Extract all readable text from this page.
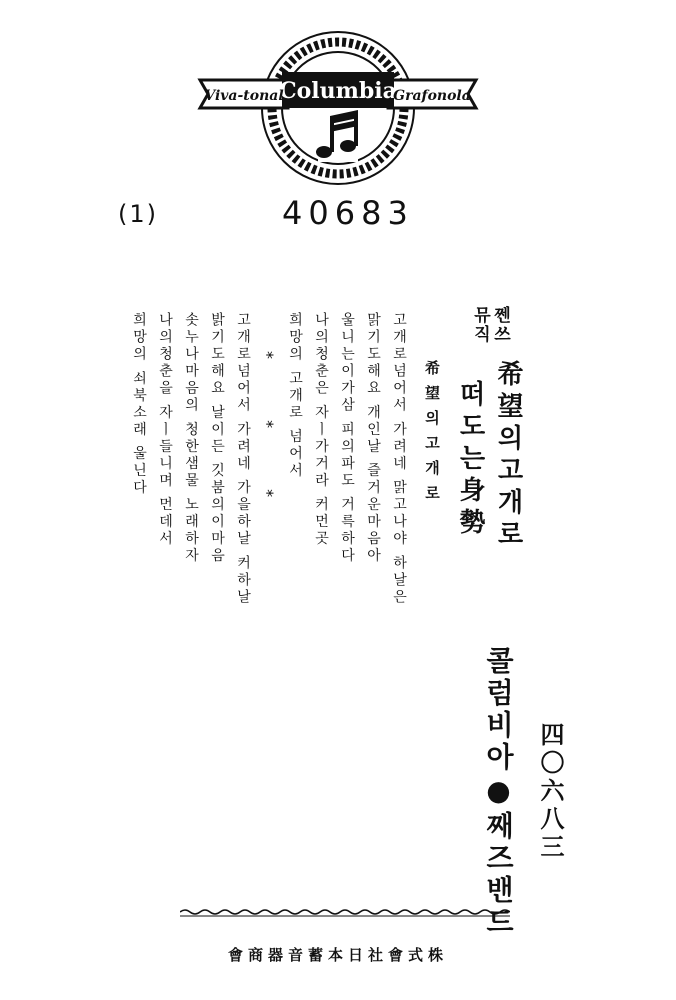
Columbia
Viva-tonal	Grafonola
(1)	40683
쩬쓰뮤직
希望의고개로
떠도는身勢
希望의고개로
고개로넘어서 가려네 맑고나야 하날은
맑기도해요 개인날 즐거운마음아
울니는이가삼 피의파도 거륵하다
나의청춘은 자ㅣ가거라 커먼곳
희망의 고개로 넘어서
* * *
고개로넘어서 가려네 가을하날 커하날
밝기도해요 날이든 깃붐의이마음
솟누나마음의 청한샘물 노래하자
나의청춘을 자ㅣ들니며 먼데서
희망의 쇠북소래 울닌다
콜럼비아●째즈밴드 四〇六八三
會商器音蓄本日社會式株
